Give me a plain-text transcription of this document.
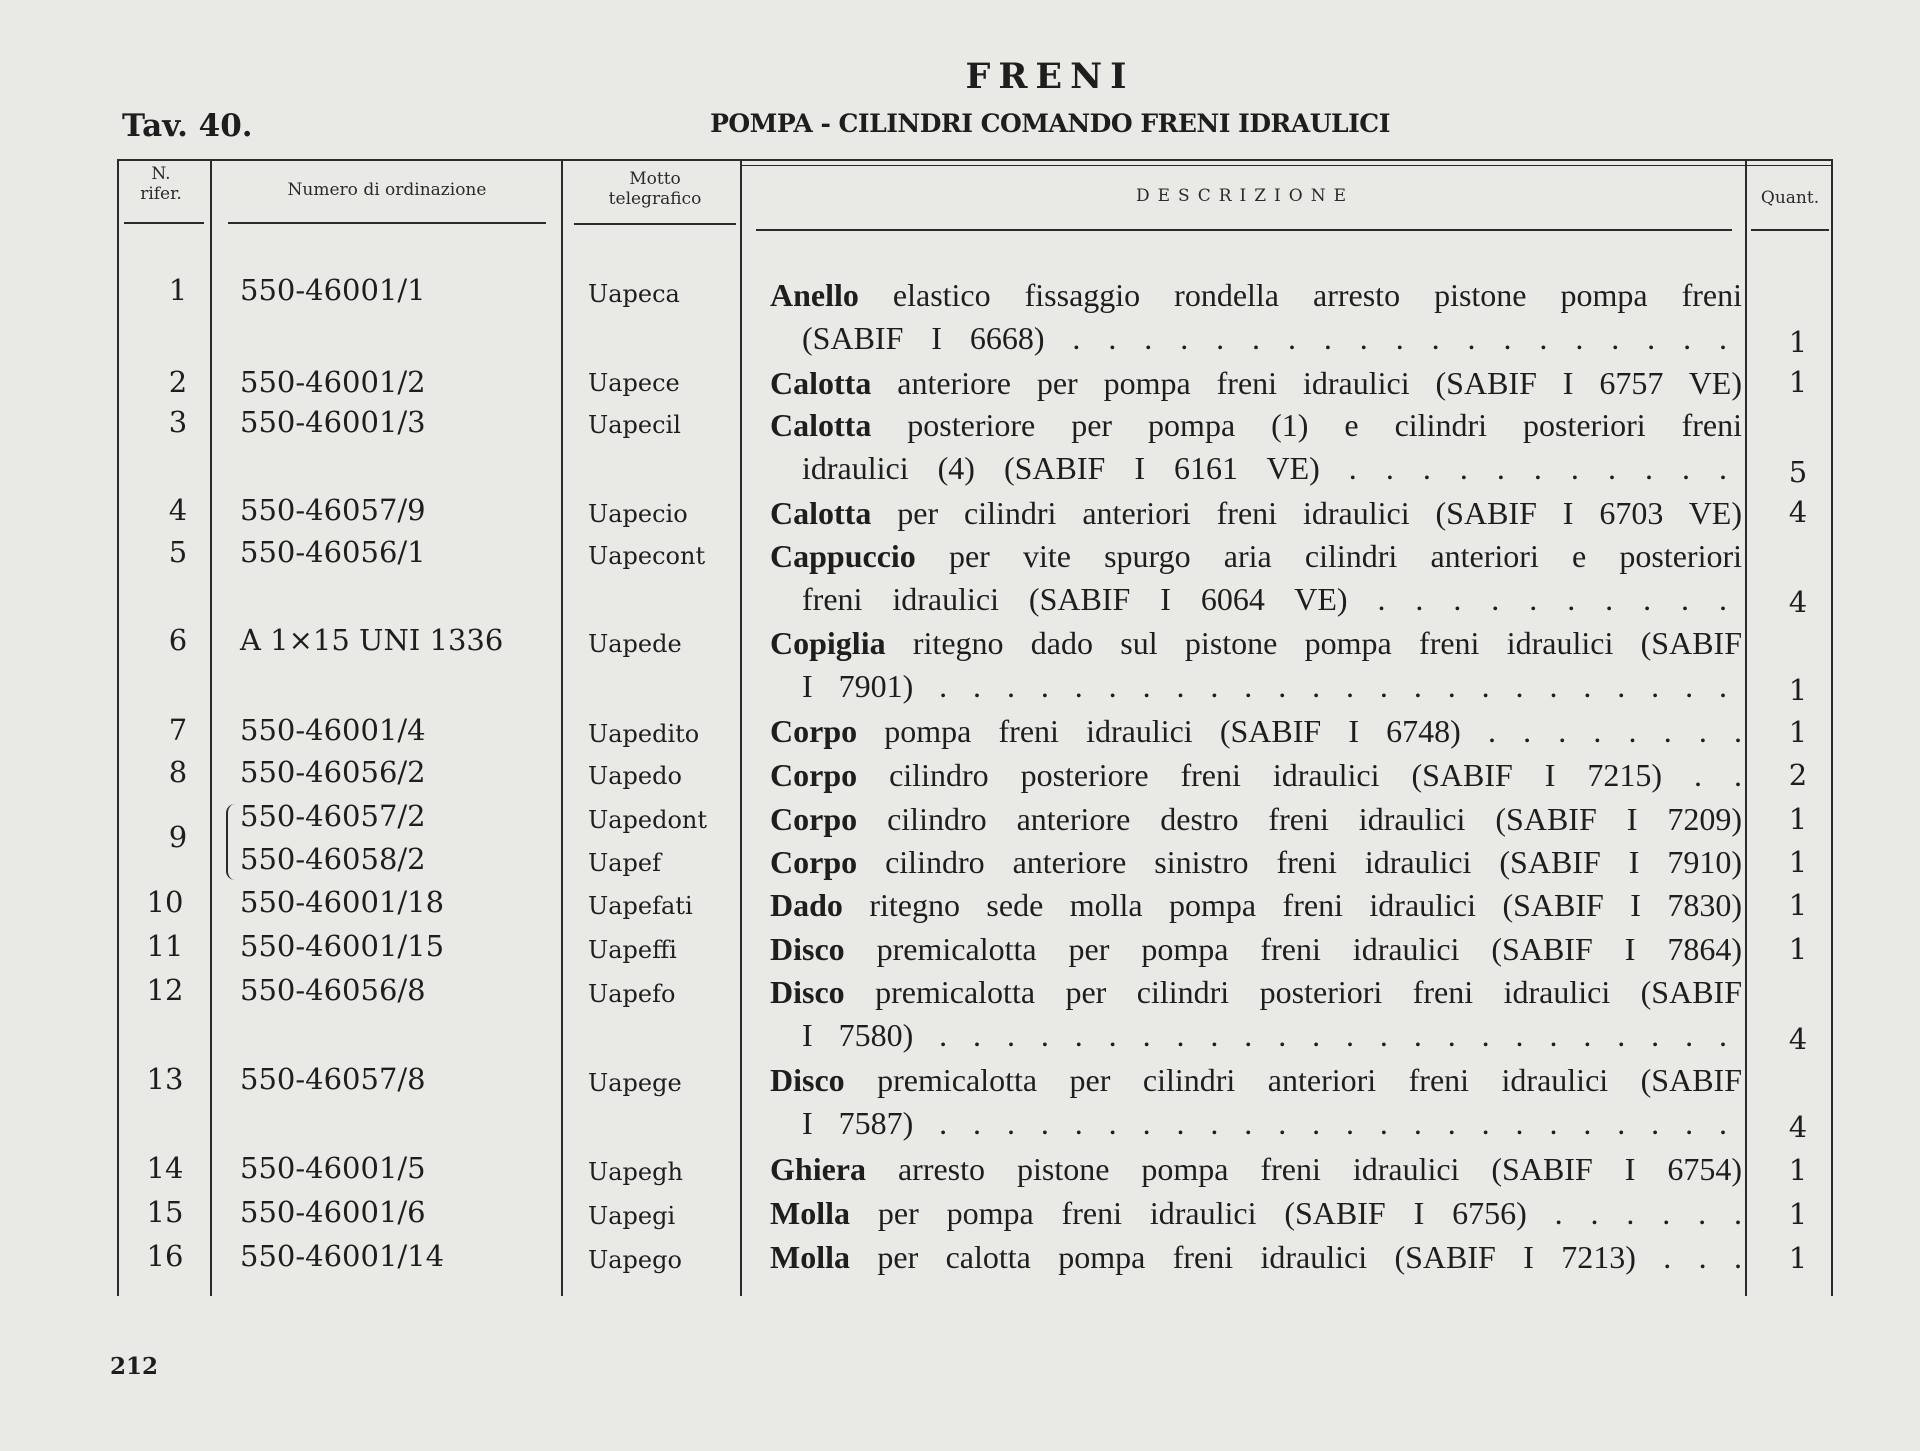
FRENI
Tav. 40.	POMPA - CILINDRI COMANDO FRENI IDRAULICI
N. rifer.	Numero di ordinazione
Motto telegrafico	DESCRIZIONE	Quant.
1	550-46001/1	Uapeca	Anello elastico fissaggio rondella arresto pistone pompa freni
(SABIF I 6668) . . . . . . . . . . . . . . . . . . .	1
2	550-46001/2	Uapece	Calotta anteriore per pompa freni idraulici (SABIF I 6757 VE)	1
3	550-46001/3	Uapecil	Calotta posteriore per pompa (1) e cilindri posteriori freni
idraulici (4) (SABIF I 6161 VE) . . . . . . . . . . .	5
4	550-46057/9	Uapecio	Calotta per cilindri anteriori freni idraulici (SABIF I 6703 VE)	4
5	550-46056/1	Uapecont Cappuccio per vite spurgo aria cilindri anteriori e posteriori
freni idraulici (SABIF I 6064 VE) . . . . . . . . . .	4
6	A 1×15 UNI 1336	Uapede	Copiglia ritegno dado sul pistone pompa freni idraulici (SABIF
I 7901) . . . . . . . . . . . . . . . . . . . . . . . .	1
7	550-46001/4	Uapedito Corpo pompa freni idraulici (SABIF I 6748) . . . . . . . .	1
8	550-46056/2	Uapedo	Corpo cilindro posteriore freni idraulici (SABIF I 7215) . .	2
9
550-46057/2	Uapedont Corpo cilindro anteriore destro freni idraulici (SABIF I 7209)	1
550-46058/2	Uapef	Corpo cilindro anteriore sinistro freni idraulici (SABIF I 7910)	1
10	550-46001/18	Uapefati Dado ritegno sede molla pompa freni idraulici (SABIF I 7830)	1
11	550-46001/15	Uapeffi	Disco premicalotta per pompa freni idraulici (SABIF I 7864)	1
12	550-46056/8	Uapefo	Disco premicalotta per cilindri posteriori freni idraulici (SABIF
I 7580) . . . . . . . . . . . . . . . . . . . . . . . .	4
13	550-46057/8	Uapege	Disco premicalotta per cilindri anteriori freni idraulici (SABIF
I 7587) . . . . . . . . . . . . . . . . . . . . . . . .	4
14	550-46001/5	Uapegh	Ghiera arresto pistone pompa freni idraulici (SABIF I 6754)	1
15	550-46001/6	Uapegi	Molla per pompa freni idraulici (SABIF I 6756) . . . . . .	1
16	550-46001/14	Uapego	Molla per calotta pompa freni idraulici (SABIF I 7213) . . .	1
212
